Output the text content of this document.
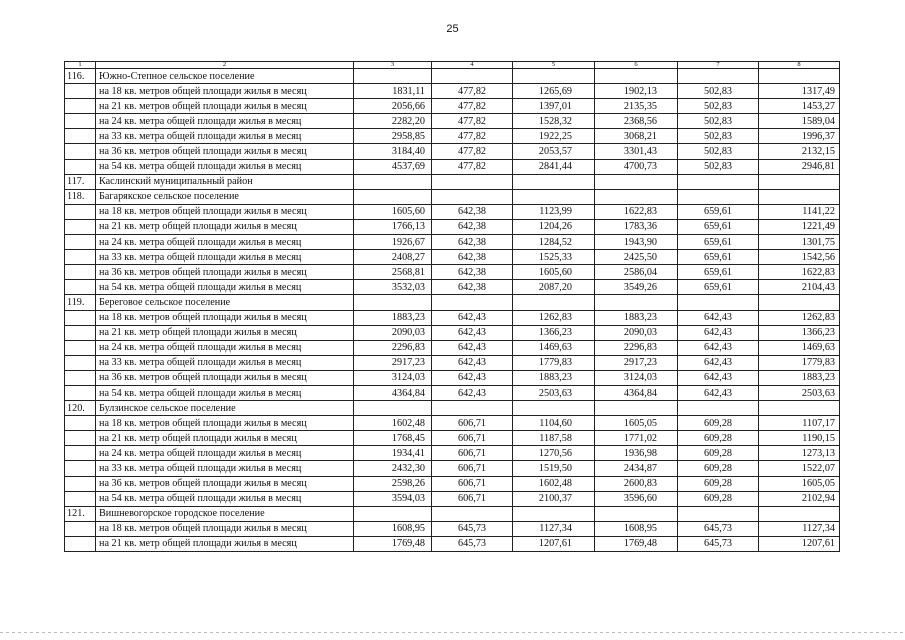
25
1	2	3	4	5	6	7	8
116.	Южно-Степное сельское поселение						
	на 18 кв. метров общей площади жилья в месяц	1831,11	477,82	1265,69	1902,13	502,83	1317,49
	на 21 кв. метров общей площади жилья в месяц	2056,66	477,82	1397,01	2135,35	502,83	1453,27
	на 24 кв. метра общей площади жилья в месяц	2282,20	477,82	1528,32	2368,56	502,83	1589,04
	на 33 кв. метра общей площади жилья в месяц	2958,85	477,82	1922,25	3068,21	502,83	1996,37
	на 36 кв. метров общей площади жилья в месяц	3184,40	477,82	2053,57	3301,43	502,83	2132,15
	на 54 кв. метра общей площади жилья в месяц	4537,69	477,82	2841,44	4700,73	502,83	2946,81
117.	Каслинский муниципальный район						
118.	Багарякское сельское поселение						
	на 18 кв. метров общей площади жилья в месяц	1605,60	642,38	1123,99	1622,83	659,61	1141,22
	на 21 кв. метр общей площади жилья в месяц	1766,13	642,38	1204,26	1783,36	659,61	1221,49
	на 24 кв. метра общей площади жилья в месяц	1926,67	642,38	1284,52	1943,90	659,61	1301,75
	на 33 кв. метра общей площади жилья в месяц	2408,27	642,38	1525,33	2425,50	659,61	1542,56
	на 36 кв. метров общей площади жилья в месяц	2568,81	642,38	1605,60	2586,04	659,61	1622,83
	на 54 кв. метра общей площади жилья в месяц	3532,03	642,38	2087,20	3549,26	659,61	2104,43
119.	Береговое сельское поселение						
	на 18 кв. метров общей площади жилья в месяц	1883,23	642,43	1262,83	1883,23	642,43	1262,83
	на 21 кв. метр общей площади жилья в месяц	2090,03	642,43	1366,23	2090,03	642,43	1366,23
	на 24 кв. метра общей площади жилья в месяц	2296,83	642,43	1469,63	2296,83	642,43	1469,63
	на 33 кв. метра общей площади жилья в месяц	2917,23	642,43	1779,83	2917,23	642,43	1779,83
	на 36 кв. метров общей площади жилья в месяц	3124,03	642,43	1883,23	3124,03	642,43	1883,23
	на 54 кв. метра общей площади жилья в месяц	4364,84	642,43	2503,63	4364,84	642,43	2503,63
120.	Булзинское сельское поселение						
	на 18 кв. метров общей площади жилья в месяц	1602,48	606,71	1104,60	1605,05	609,28	1107,17
	на 21 кв. метр общей площади жилья в месяц	1768,45	606,71	1187,58	1771,02	609,28	1190,15
	на 24 кв. метра общей площади жилья в месяц	1934,41	606,71	1270,56	1936,98	609,28	1273,13
	на 33 кв. метра общей площади жилья в месяц	2432,30	606,71	1519,50	2434,87	609,28	1522,07
	на 36 кв. метров общей площади жилья в месяц	2598,26	606,71	1602,48	2600,83	609,28	1605,05
	на 54 кв. метра общей площади жилья в месяц	3594,03	606,71	2100,37	3596,60	609,28	2102,94
121.	Вишневогорское городское поселение						
	на 18 кв. метров общей площади жилья в месяц	1608,95	645,73	1127,34	1608,95	645,73	1127,34
	на 21 кв. метр общей площади жилья в месяц	1769,48	645,73	1207,61	1769,48	645,73	1207,61
